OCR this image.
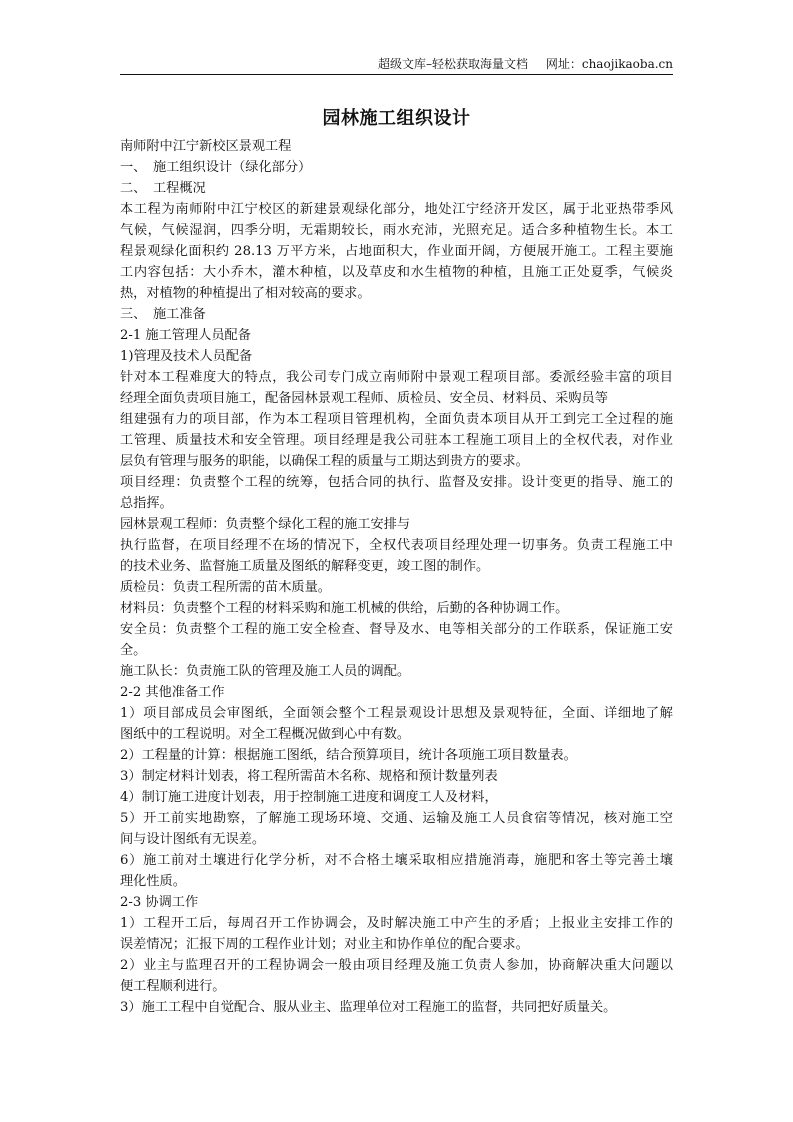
超级文库–轻松获取海量文档 网址：chaojikaoba.cn
园林施工组织设计
南师附中江宁新校区景观工程
一、　施工组织设计（绿化部分）
二、　工程概况
本工程为南师附中江宁校区的新建景观绿化部分，地处江宁经济开发区，属于北亚热带季风
气候，气候湿润，四季分明，无霜期较长，雨水充沛，光照充足。适合多种植物生长。本工
程景观绿化面积约 28.13 万平方米，占地面积大，作业面开阔，方便展开施工。工程主要施
工内容包括：大小乔木，灌木种植，以及草皮和水生植物的种植，且施工正处夏季，气候炎
热，对植物的种植提出了相对较高的要求。
三、　施工准备
2-1 施工管理人员配备
1)管理及技术人员配备
针对本工程难度大的特点，我公司专门成立南师附中景观工程项目部。委派经验丰富的项目
经理全面负责项目施工，配备园林景观工程师、质检员、安全员、材料员、采购员等
组建强有力的项目部，作为本工程项目管理机构，全面负责本项目从开工到完工全过程的施
工管理、质量技术和安全管理。项目经理是我公司驻本工程施工项目上的全权代表，对作业
层负有管理与服务的职能，以确保工程的质量与工期达到贵方的要求。
项目经理：负责整个工程的统筹，包括合同的执行、监督及安排。设计变更的指导、施工的
总指挥。
园林景观工程师：负责整个绿化工程的施工安排与
执行监督，在项目经理不在场的情况下，全权代表项目经理处理一切事务。负责工程施工中
的技术业务、监督施工质量及图纸的解释变更，竣工图的制作。
质检员：负责工程所需的苗木质量。
材料员：负责整个工程的材料采购和施工机械的供给，后勤的各种协调工作。
安全员：负责整个工程的施工安全检查、督导及水、电等相关部分的工作联系，保证施工安
全。
施工队长：负责施工队的管理及施工人员的调配。
2-2 其他准备工作
1）项目部成员会审图纸，全面领会整个工程景观设计思想及景观特征，全面、详细地了解
图纸中的工程说明。对全工程概况做到心中有数。
2）工程量的计算：根据施工图纸，结合预算项目，统计各项施工项目数量表。
3）制定材料计划表，将工程所需苗木名称、规格和预计数量列表
4）制订施工进度计划表，用于控制施工进度和调度工人及材料，
5）开工前实地勘察，了解施工现场环境、交通、运输及施工人员食宿等情况，核对施工空
间与设计图纸有无误差。
6）施工前对土壤进行化学分析，对不合格土壤采取相应措施消毒，施肥和客土等完善土壤
理化性质。
2-3 协调工作
1）工程开工后，每周召开工作协调会，及时解决施工中产生的矛盾；上报业主安排工作的
误差情况；汇报下周的工程作业计划；对业主和协作单位的配合要求。
2）业主与监理召开的工程协调会一般由项目经理及施工负责人参加，协商解决重大问题以
便工程顺利进行。
3）施工工程中自觉配合、服从业主、监理单位对工程施工的监督，共同把好质量关。
